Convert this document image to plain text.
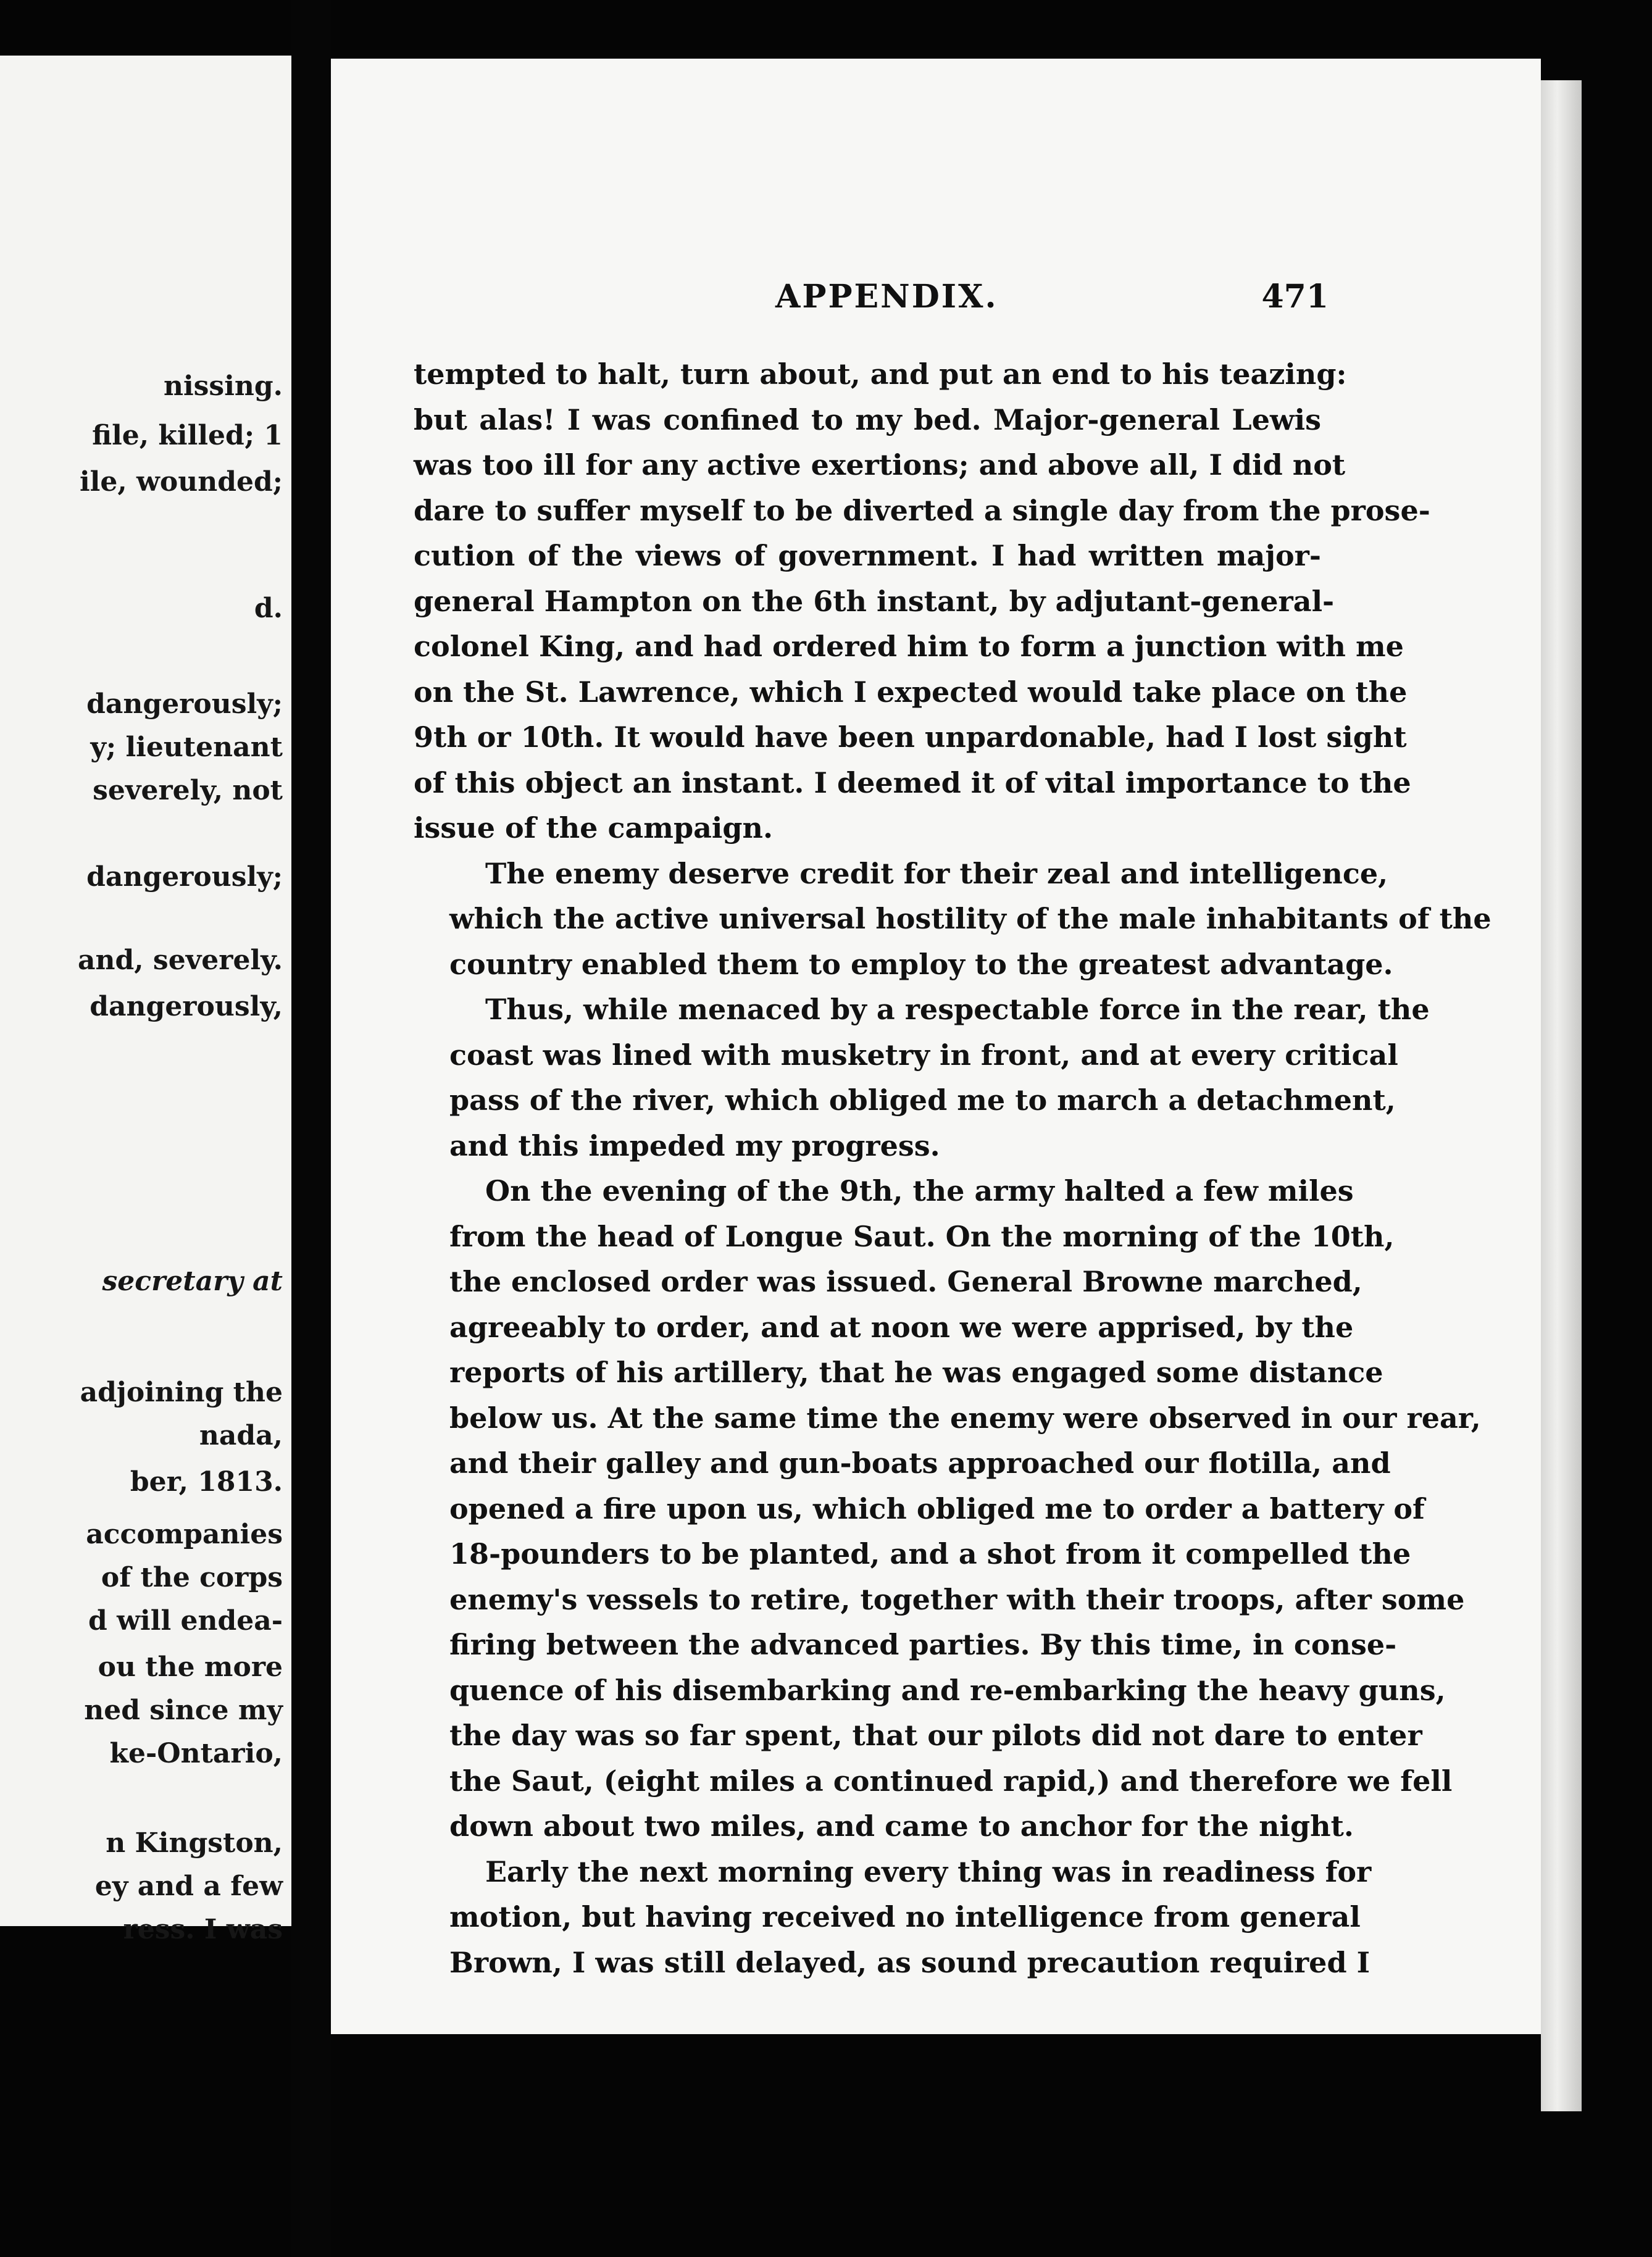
nissing.
file, killed; 1
ile, wounded;
d.
dangerously;
y; lieutenant
severely, not
dangerously;
and, severely.
dangerously,
secretary at
adjoining the
nada,
ber, 1813.
accompanies
of the corps
d will endea-
ou the more
ned since my
ke-Ontario,
n Kingston,
ey and a few
ress. I was
APPENDIX.	471

tempted to halt, turn about, and put an end to his teazing:
but alas! I was confined to my bed. Major-general Lewis
was too ill for any active exertions; and above all, I did not
dare to suffer myself to be diverted a single day from the prose-
cution of the views of government. I had written major-
general Hampton on the 6th instant, by adjutant-general-
colonel King, and had ordered him to form a junction with me
on the St. Lawrence, which I expected would take place on the
9th or 10th. It would have been unpardonable, had I lost sight
of this object an instant. I deemed it of vital importance to the
issue of the campaign.

The enemy deserve credit for their zeal and intelligence,
which the active universal hostility of the male inhabitants of the
country enabled them to employ to the greatest advantage.

Thus, while menaced by a respectable force in the rear, the
coast was lined with musketry in front, and at every critical
pass of the river, which obliged me to march a detachment,
and this impeded my progress.

On the evening of the 9th, the army halted a few miles
from the head of Longue Saut. On the morning of the 10th,
the enclosed order was issued. General Browne marched,
agreeably to order, and at noon we were apprised, by the
reports of his artillery, that he was engaged some distance
below us. At the same time the enemy were observed in our rear,
and their galley and gun-boats approached our flotilla, and
opened a fire upon us, which obliged me to order a battery of
18-pounders to be planted, and a shot from it compelled the
enemy's vessels to retire, together with their troops, after some
firing between the advanced parties. By this time, in conse-
quence of his disembarking and re-embarking the heavy guns,
the day was so far spent, that our pilots did not dare to enter
the Saut, (eight miles a continued rapid,) and therefore we fell
down about two miles, and came to anchor for the night.

Early the next morning every thing was in readiness for
motion, but having received no intelligence from general
Brown, I was still delayed, as sound precaution required I
